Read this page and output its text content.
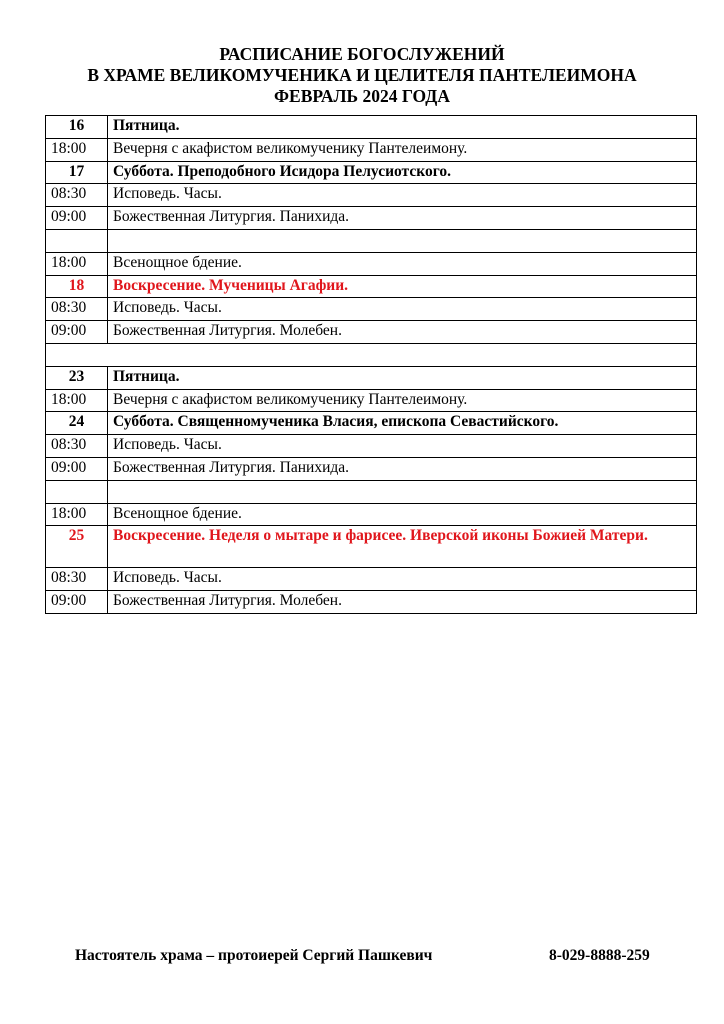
РАСПИСАНИЕ БОГОСЛУЖЕНИЙ
В ХРАМЕ ВЕЛИКОМУЧЕНИКА И ЦЕЛИТЕЛЯ ПАНТЕЛЕИМОНА
ФЕВРАЛЬ 2024 ГОДА
16	Пятница.
18:00	Вечерня с акафистом великомученику Пантелеимону.
17	Суббота. Преподобного Исидора Пелусиотского.
08:30	Исповедь. Часы.
09:00	Божественная Литургия. Панихида.

18:00	Всенощное бдение.
18	Воскресение. Мученицы Агафии.
08:30	Исповедь. Часы.
09:00	Божественная Литургия. Молебен.

23	Пятница.
18:00	Вечерня с акафистом великомученику Пантелеимону.
24	Суббота. Священномученика Власия, епископа Севастийского.
08:30	Исповедь. Часы.
09:00	Божественная Литургия. Панихида.

18:00	Всенощное бдение.
25	Воскресение. Неделя о мытаре и фарисее. Иверской иконы Божией Матери.
08:30	Исповедь. Часы.
09:00	Божественная Литургия. Молебен.
Настоятель храма – протоиерей Сергий Пашкевич	8-029-8888-259
